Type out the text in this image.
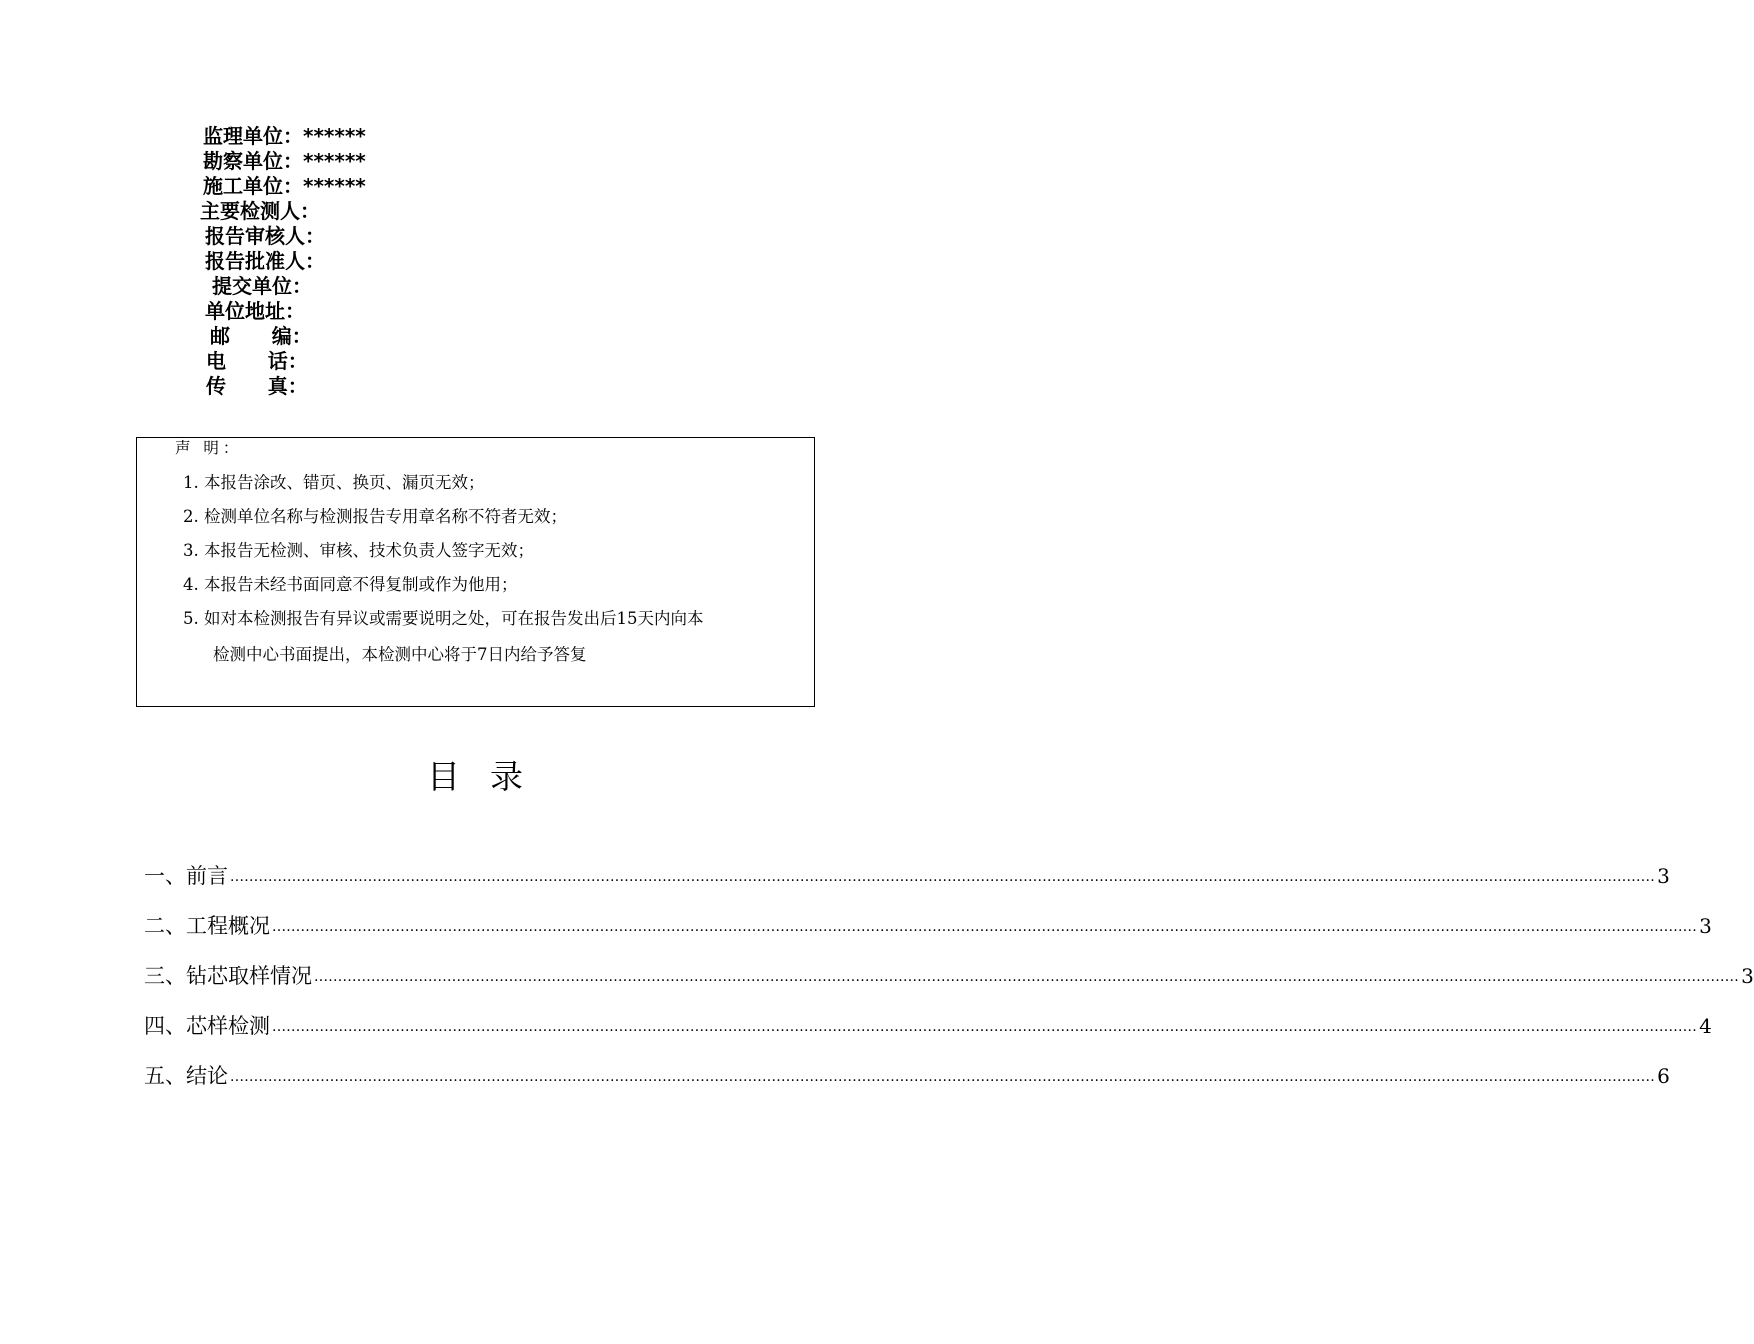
监理单位：******
勘察单位：******
施工单位：******
主要检测人：
报告审核人：
报告批准人：
提交单位：
单位地址：
邮      编：
电      话：
传      真：
声 明：
1. 本报告涂改、错页、换页、漏页无效；
2. 检测单位名称与检测报告专用章名称不符者无效；
3. 本报告无检测、审核、技术负责人签字无效；
4. 本报告未经书面同意不得复制或作为他用；
5. 如对本检测报告有异议或需要说明之处，可在报告发出后15天内向本
检测中心书面提出，本检测中心将于7日内给予答复
目录
一、前言 ............................................................................................................................................................................................................................................................................................................ 3
二、工程概况 ............................................................................................................................................................................................................................................................................................................ 3
三、钻芯取样情况 ............................................................................................................................................................................................................................................................................................................ 3
四、芯样检测 ............................................................................................................................................................................................................................................................................................................ 4
五、结论 ............................................................................................................................................................................................................................................................................................................ 6
